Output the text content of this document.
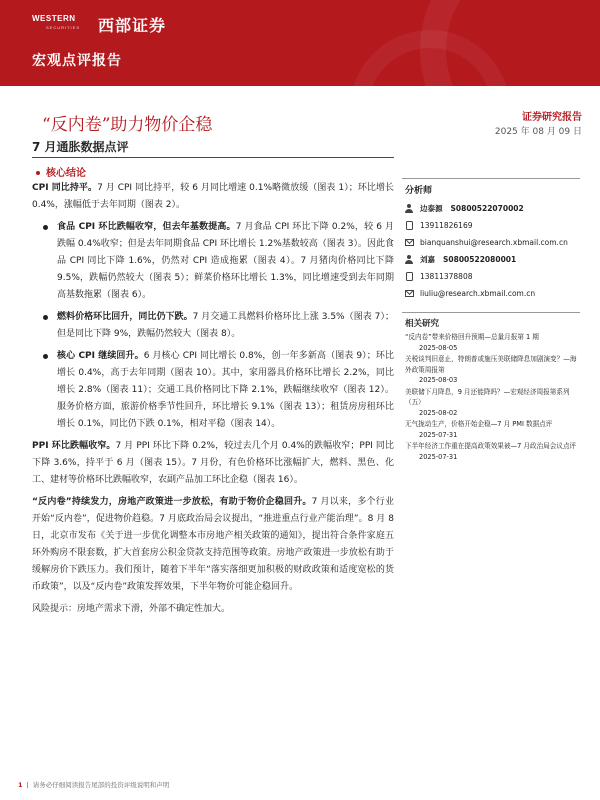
WESTERN
SECURITIES 西部证券
宏观点评报告
“反内卷”助力物价企稳
7 月通胀数据点评
证券研究报告
2025 年 08 月 09 日
核心结论

CPI 同比持平。7 月 CPI 同比持平，较 6 月同比增速 0.1%略微放缓（图表 1）；环比增长 0.4%，涨幅低于去年同期（图表 2）。

食品 CPI 环比跌幅收窄，但去年基数提高。7 月食品 CPI 环比下降 0.2%，较 6 月跌幅 0.4%收窄；但是去年同期食品 CPI 环比增长 1.2%基数较高（图表 3）。因此食品 CPI 同比下降 1.6%，仍然对 CPI 造成拖累（图表 4）。7 月猪肉价格同比下降 9.5%，跌幅仍然较大（图表 5）；鲜菜价格环比增长 1.3%，同比增速受到去年同期高基数拖累（图表 6）。
燃料价格环比回升，同比仍下跌。7 月交通工具燃料价格环比上涨 3.5%（图表 7）；但是同比下降 9%，跌幅仍然较大（图表 8）。
核心 CPI 继续回升。6 月核心 CPI 同比增长 0.8%，创一年多新高（图表 9）；环比增长 0.4%，高于去年同期（图表 10）。其中，家用器具价格环比增长 2.2%，同比增长 2.8%（图表 11）；交通工具价格同比下降 2.1%，跌幅继续收窄（图表 12）。服务价格方面，旅游价格季节性回升，环比增长 9.1%（图表 13）；租赁房房租环比增长 0.1%，同比仍下跌 0.1%，相对平稳（图表 14）。

PPI 环比跌幅收窄。7 月 PPI 环比下降 0.2%，较过去几个月 0.4%的跌幅收窄；PPI 同比下降 3.6%，持平于 6 月（图表 15）。7 月份，有色价格环比涨幅扩大，燃料、黑色、化工、建材等价格环比跌幅收窄，农副产品加工环比企稳（图表 16）。

“反内卷”持续发力，房地产政策进一步放松，有助于物价企稳回升。7 月以来，多个行业开始“反内卷”，促进物价趋稳。7 月底政治局会议提出，“推进重点行业产能治理”。8 月 8 日，北京市发布《关于进一步优化调整本市房地产相关政策的通知》，提出符合条件家庭五环外购房不限套数，扩大首套房公积金贷款支持范围等政策。房地产政策进一步放松有助于缓解房价下跌压力。我们预计，随着下半年“落实落细更加积极的财政政策和适度宽松的货币政策”，以及“反内卷”政策发挥效果，下半年物价可能企稳回升。

风险提示：房地产需求下滑，外部不确定性加大。

分析师
边泰源 S0800522070002
13911826169
bianquanshui@research.xbmail.com.cn
刘嘉 S0800522080001
13811378808
liuliu@research.xbmail.com.cn
相关研究
“反内卷”带来价格回升预期—总量月报第 1 期
2025-08-05
关税谈判旧意止，特朗普或施压美联储降息加剧演变？—海外政策周报第
2025-08-03
美联储下月降息，9 月还能降吗？—宏观经济周报第系列（五）
2025-08-02
无气拢动生产，价格开始企稳—7 月 PMI 数据点评
2025-07-31
下半年经济工作重在提高政策效果被—7 月政治局会议点评
2025-07-31
1 | 请务必仔细阅读报告尾部的投资评级说明和声明
